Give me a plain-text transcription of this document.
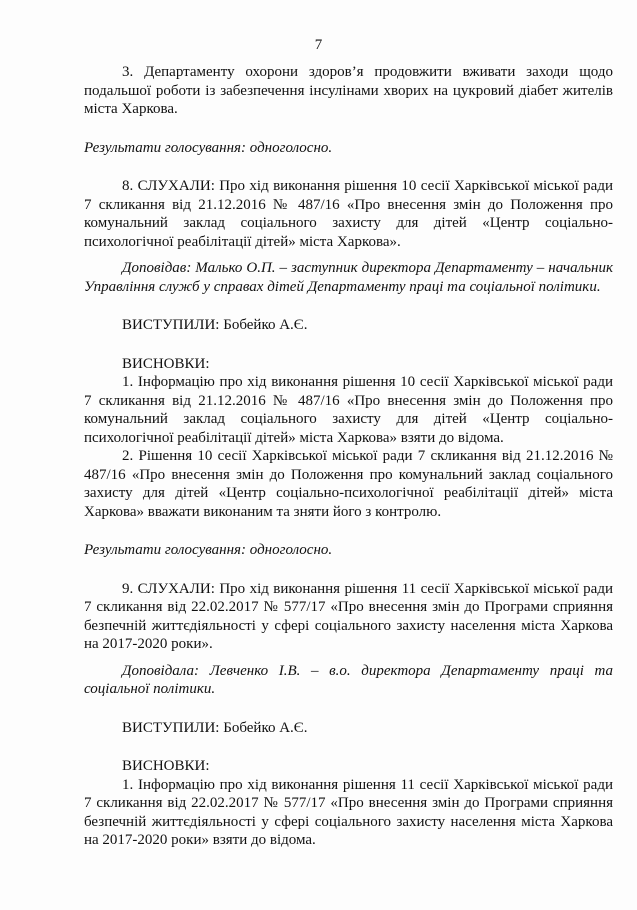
7

3. Департаменту охорони здоров’я продовжити вживати заходи щодо подальшої роботи із забезпечення інсулінами хворих на цукровий діабет жителів міста Харкова.

Результати голосування: одноголосно.

8. СЛУХАЛИ: Про хід виконання рішення 10 сесії Харківської міської ради 7 скликання від 21.12.2016 № 487/16 «Про внесення змін до Положення про комунальний заклад соціального захисту для дітей «Центр соціально-психологічної реабілітації дітей» міста Харкова».

Доповідав: Малько О.П. – заступник директора Департаменту – начальник Управління служб у справах дітей Департаменту праці та соціальної політики.

ВИСТУПИЛИ: Бобейко А.Є.

ВИСНОВКИ:

1. Інформацію про хід виконання рішення 10 сесії Харківської міської ради 7 скликання від 21.12.2016 № 487/16 «Про внесення змін до Положення про комунальний заклад соціального захисту для дітей «Центр соціально-психологічної реабілітації дітей» міста Харкова» взяти до відома.

2. Рішення 10 сесії Харківської міської ради 7 скликання від 21.12.2016 № 487/16 «Про внесення змін до Положення про комунальний заклад соціального захисту для дітей «Центр соціально-психологічної реабілітації дітей» міста Харкова» вважати виконаним та зняти його з контролю.

Результати голосування: одноголосно.

9. СЛУХАЛИ: Про хід виконання рішення 11 сесії Харківської міської ради 7 скликання від 22.02.2017 № 577/17 «Про внесення змін до Програми сприяння безпечній життєдіяльності у сфері соціального захисту населення міста Харкова на 2017-2020 роки».

Доповідала: Левченко І.В. – в.о. директора Департаменту праці та соціальної політики.

ВИСТУПИЛИ: Бобейко А.Є.

ВИСНОВКИ:

1. Інформацію про хід виконання рішення 11 сесії Харківської міської ради 7 скликання від 22.02.2017 № 577/17 «Про внесення змін до Програми сприяння безпечній життєдіяльності у сфері соціального захисту населення міста Харкова на 2017-2020 роки» взяти до відома.
